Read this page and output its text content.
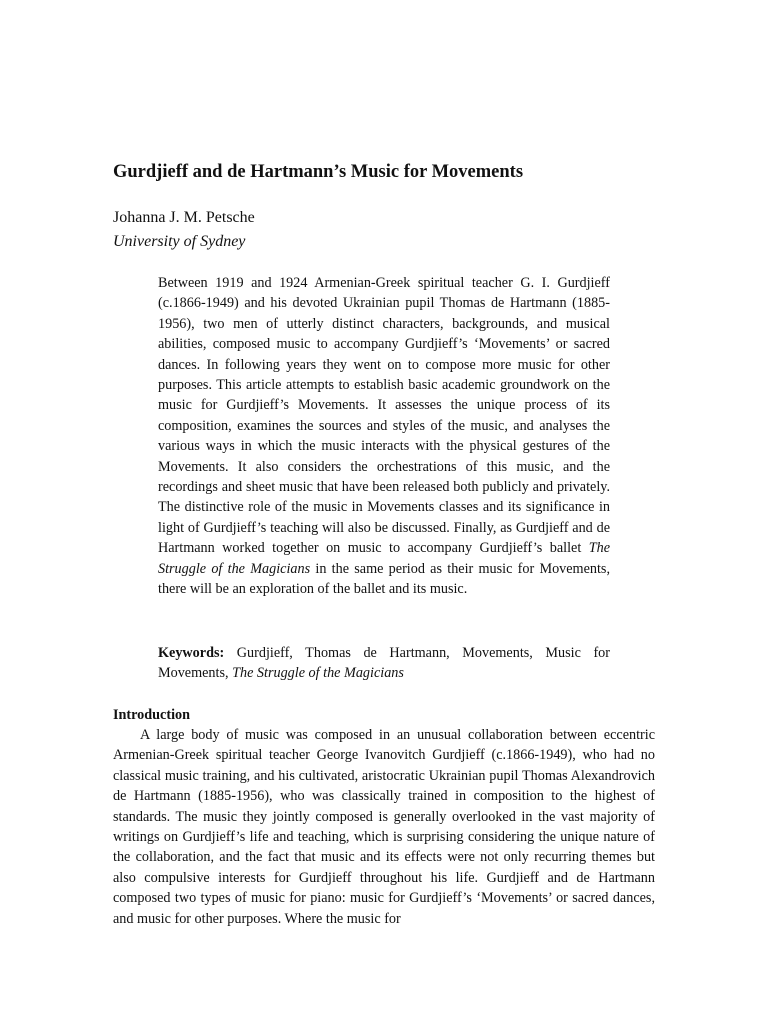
Gurdjieff and de Hartmann’s Music for Movements
Johanna J. M. Petsche
University of Sydney

Between 1919 and 1924 Armenian-Greek spiritual teacher G. I. Gurdjieff (c.1866-1949) and his devoted Ukrainian pupil Thomas de Hartmann (1885-1956), two men of utterly distinct characters, backgrounds, and musical abilities, composed music to accompany Gurdjieff’s ‘Movements’ or sacred dances. In following years they went on to compose more music for other purposes. This article attempts to establish basic academic groundwork on the music for Gurdjieff’s Movements. It assesses the unique process of its composition, examines the sources and styles of the music, and analyses the various ways in which the music interacts with the physical gestures of the Movements. It also considers the orchestrations of this music, and the recordings and sheet music that have been released both publicly and privately. The distinctive role of the music in Movements classes and its significance in light of Gurdjieff’s teaching will also be discussed. Finally, as Gurdjieff and de Hartmann worked together on music to accompany Gurdjieff’s ballet The Struggle of the Magicians in the same period as their music for Movements, there will be an exploration of the ballet and its music.

Keywords: Gurdjieff, Thomas de Hartmann, Movements, Music for Movements, The Struggle of the Magicians

Introduction

A large body of music was composed in an unusual collaboration between eccentric Armenian-Greek spiritual teacher George Ivanovitch Gurdjieff (c.1866-1949), who had no classical music training, and his cultivated, aristocratic Ukrainian pupil Thomas Alexandrovich de Hartmann (1885-1956), who was classically trained in composition to the highest of standards. The music they jointly composed is generally overlooked in the vast majority of writings on Gurdjieff’s life and teaching, which is surprising considering the unique nature of the collaboration, and the fact that music and its effects were not only recurring themes but also compulsive interests for Gurdjieff throughout his life. Gurdjieff and de Hartmann composed two types of music for piano: music for Gurdjieff’s ‘Movements’ or sacred dances, and music for other purposes. Where the music for
